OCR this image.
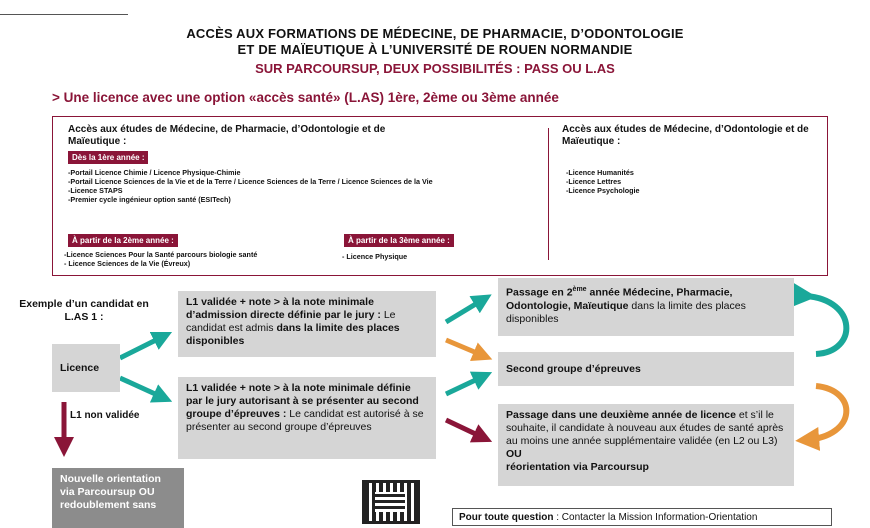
ACCÈS AUX FORMATIONS DE MÉDECINE, DE PHARMACIE, D’ODONTOLOGIE
ET DE MAÏEUTIQUE À L’UNIVERSITÉ DE ROUEN NORMANDIE
SUR PARCOURSUP, DEUX POSSIBILITÉS : PASS OU L.AS
> Une licence avec une option «accès santé» (L.AS) 1ère, 2ème ou 3ème année
Accès aux études de Médecine, de Pharmacie, d’Odontologie et de Maïeutique :
Dès la 1ère année :
-Portail Licence Chimie / Licence Physique-Chimie
-Portail Licence Sciences de la Vie et de la Terre / Licence Sciences de la Terre / Licence Sciences de la Vie
-Licence STAPS
-Premier cycle ingénieur option santé (ESITech)
À partir de la 2ème année :
-Licence Sciences Pour la Santé parcours biologie santé
- Licence Sciences de la Vie (Évreux)
À partir de la 3ème année :
- Licence Physique
Accès aux études de Médecine, d’Odontologie et de Maïeutique :
-Licence Humanités
-Licence Lettres
-Licence Psychologie
Exemple d’un candidat en L.AS 1 :
Licence
L1 non validée
L1 validée + note > à la note minimale d’admission directe définie par le jury : Le candidat est admis dans la limite des places disponibles
L1 validée + note > à la note minimale définie par le jury autorisant à se présenter au second groupe d’épreuves : Le candidat est autorisé à se présenter au second groupe d’épreuves
Passage en 2ème année Médecine, Pharmacie, Odontologie, Maïeutique dans la limite des places disponibles
Second groupe d’épreuves
Passage dans une deuxième année de licence et s’il le souhaite, il candidate à nouveau aux études de santé après au moins une année supplémentaire validée (en L2 ou L3) OU
réorientation via Parcoursup
Nouvelle orientation via Parcoursup OU redoublement sans
Pour toute question : Contacter la Mission Information-Orientation
